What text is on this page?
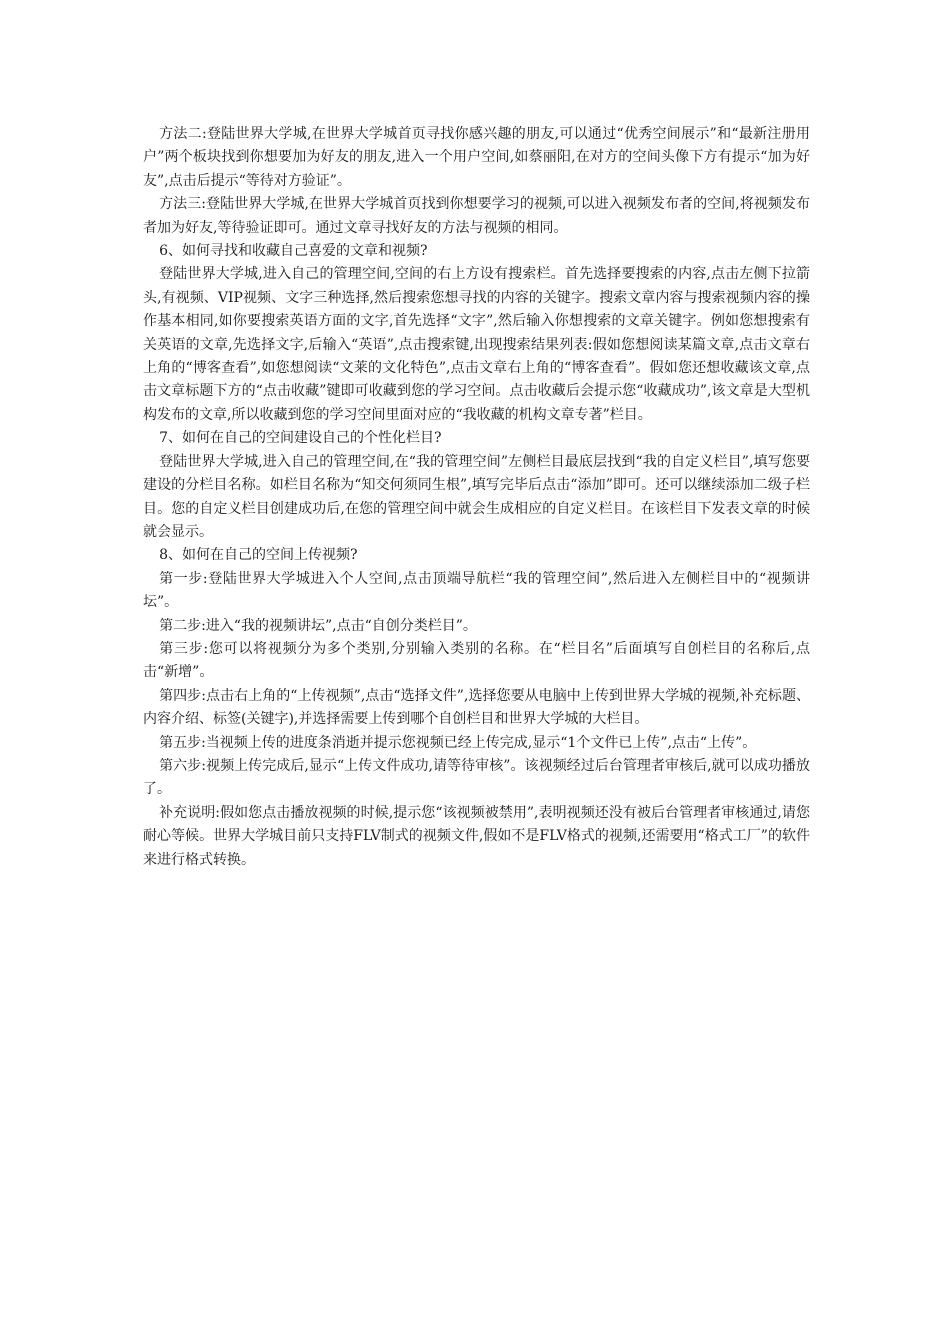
方法二:登陆世界大学城,在世界大学城首页寻找你感兴趣的朋友,可以通过“优秀空间展示”和“最新注册用户”两个板块找到你想要加为好友的朋友,进入一个用户空间,如蔡丽阳,在对方的空间头像下方有提示“加为好友”,点击后提示“等待对方验证”。

方法三:登陆世界大学城,在世界大学城首页找到你想要学习的视频,可以进入视频发布者的空间,将视频发布者加为好友,等待验证即可。通过文章寻找好友的方法与视频的相同。

6、如何寻找和收藏自己喜爱的文章和视频?

登陆世界大学城,进入自己的管理空间,空间的右上方设有搜索栏。首先选择要搜索的内容,点击左侧下拉箭头,有视频、VIP视频、文字三种选择,然后搜索您想寻找的内容的关键字。搜索文章内容与搜索视频内容的操作基本相同,如你要搜索英语方面的文字,首先选择“文字”,然后输入你想搜索的文章关键字。例如您想搜索有关英语的文章,先选择文字,后输入“英语”,点击搜索键,出现搜索结果列表:假如您想阅读某篇文章,点击文章右上角的“博客查看”,如您想阅读“文莱的文化特色”,点击文章右上角的“博客查看”。假如您还想收藏该文章,点击文章标题下方的“点击收藏”键即可收藏到您的学习空间。点击收藏后会提示您“收藏成功”,该文章是大型机构发布的文章,所以收藏到您的学习空间里面对应的“我收藏的机构文章专著”栏目。

7、如何在自己的空间建设自己的个性化栏目?

登陆世界大学城,进入自己的管理空间,在“我的管理空间”左侧栏目最底层找到“我的自定义栏目”,填写您要建设的分栏目名称。如栏目名称为“知交何须同生根”,填写完毕后点击“添加”即可。还可以继续添加二级子栏目。您的自定义栏目创建成功后,在您的管理空间中就会生成相应的自定义栏目。在该栏目下发表文章的时候就会显示。

8、如何在自己的空间上传视频?

第一步:登陆世界大学城进入个人空间,点击顶端导航栏“我的管理空间”,然后进入左侧栏目中的“视频讲坛”。

第二步:进入“我的视频讲坛”,点击“自创分类栏目”。

第三步:您可以将视频分为多个类别,分别输入类别的名称。在“栏目名”后面填写自创栏目的名称后,点击“新增”。

第四步:点击右上角的“上传视频”,点击“选择文件”,选择您要从电脑中上传到世界大学城的视频,补充标题、内容介绍、标签(关键字),并选择需要上传到哪个自创栏目和世界大学城的大栏目。

第五步:当视频上传的进度条消逝并提示您视频已经上传完成,显示“1个文件已上传”,点击“上传”。

第六步:视频上传完成后,显示“上传文件成功,请等待审核”。该视频经过后台管理者审核后,就可以成功播放了。

补充说明:假如您点击播放视频的时候,提示您“该视频被禁用”,表明视频还没有被后台管理者审核通过,请您耐心等候。世界大学城目前只支持FLV制式的视频文件,假如不是FLV格式的视频,还需要用“格式工厂”的软件来进行格式转换。
